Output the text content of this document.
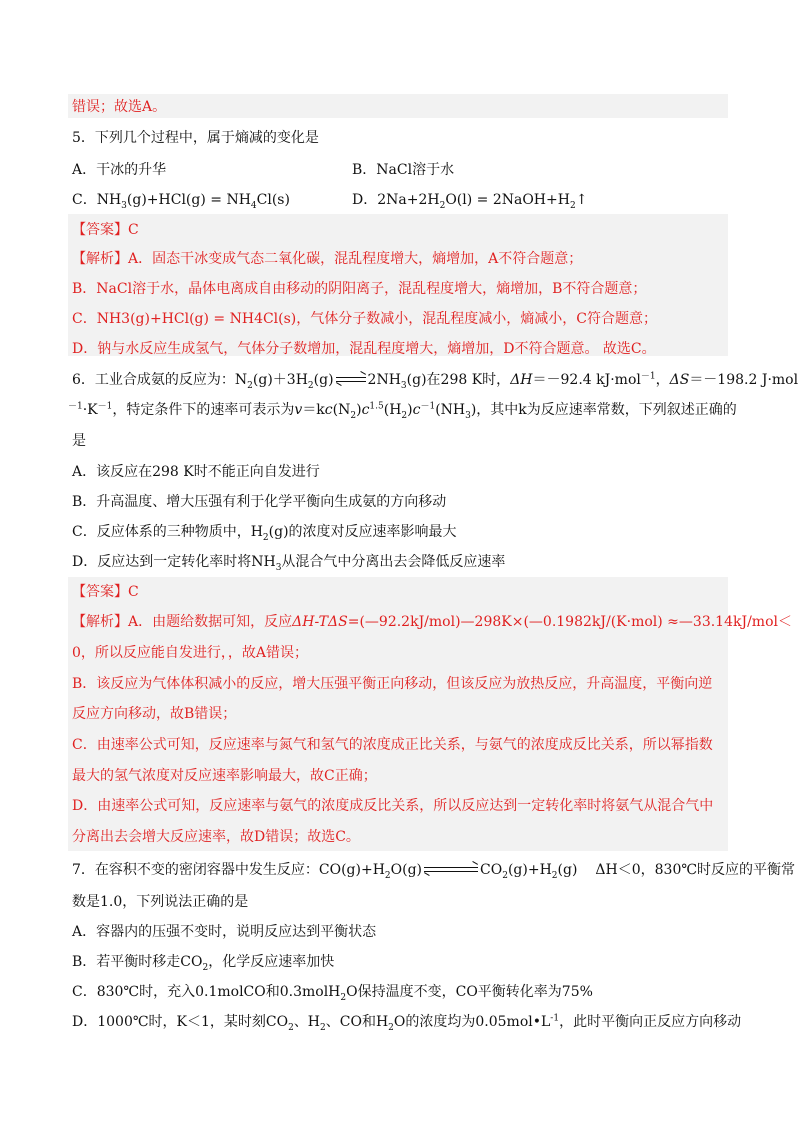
错误；故选A。
5．下列几个过程中，属于熵减的变化是
A．干冰的升华	B．NaCl溶于水
C．$NH_3(g)+HCl(g) = NH_4Cl(s)$	D．$2Na+2H_2O(l)$ = $2NaOH+H_2↑$
【答案】C
【解析】A．固态干冰变成气态二氧化碳，混乱程度增大，熵增加，A不符合题意；
B．NaCl溶于水，晶体电离成自由移动的阴阳离子，混乱程度增大，熵增加，B不符合题意；
C．NH3(g)+HCl(g) = NH4Cl(s)，气体分子数减小，混乱程度减小，熵减小，C符合题意；
D．钠与水反应生成氢气，气体分子数增加，混乱程度增大，熵增加，D不符合题意。 故选C。
6．工业合成氨的反应为：$N_2(g)+3H_2(g)$ $2NH_3(g)$在298 K时，ΔH＝－92.4 kJ·mol$^{-1}$，ΔS＝－198.2 J·mol
$^{-1}\cdot K^{-1}$，特定条件下的速率可表示为$v=kc(N_2)c^{1.5}(H_2)c^{-1}(NH_3)$，其中k为反应速率常数，下列叙述正确的
是
A．该反应在298 K时不能正向自发进行
B．升高温度、增大压强有利于化学平衡向生成氨的方向移动
C．反应体系的三种物质中，$H_2(g)$的浓度对反应速率影响最大
D．反应达到一定转化率时将$NH_3$从混合气中分离出去会降低反应速率
【答案】C
【解析】A．由题给数据可知，反应ΔH-TΔS=(—92.2kJ/mol)—298K×(—0.1982kJ/(K·mol) ≈—33.14kJ/mol＜
0，所以反应能自发进行，，故A错误；
B．该反应为气体体积减小的反应，增大压强平衡正向移动，但该反应为放热反应，升高温度，平衡向逆
反应方向移动，故B错误；
C．由速率公式可知，反应速率与氮气和氢气的浓度成正比关系，与氨气的浓度成反比关系，所以幂指数
最大的氢气浓度对反应速率影响最大，故C正确；
D．由速率公式可知，反应速率与氨气的浓度成反比关系，所以反应达到一定转化率时将氨气从混合气中
分离出去会增大反应速率，故D错误；故选C。
7．在容积不变的密闭容器中发生反应：$CO(g)+H_2O(g)$	$CO_2(g)+H_2(g)$ ΔH＜0，830℃时反应的平衡常
数是1.0，下列说法正确的是
A．容器内的压强不变时，说明反应达到平衡状态
B．若平衡时移走$CO_2$，化学反应速率加快
C．830℃时，充入0.1molCO和0.3molH$_2$O保持温度不变，CO平衡转化率为75%
D．1000℃时，K＜1，某时刻$CO_2$、$H_2$、CO和$H_2O$的浓度均为$0.05mol•L^{-1}$，此时平衡向正反应方向移动
